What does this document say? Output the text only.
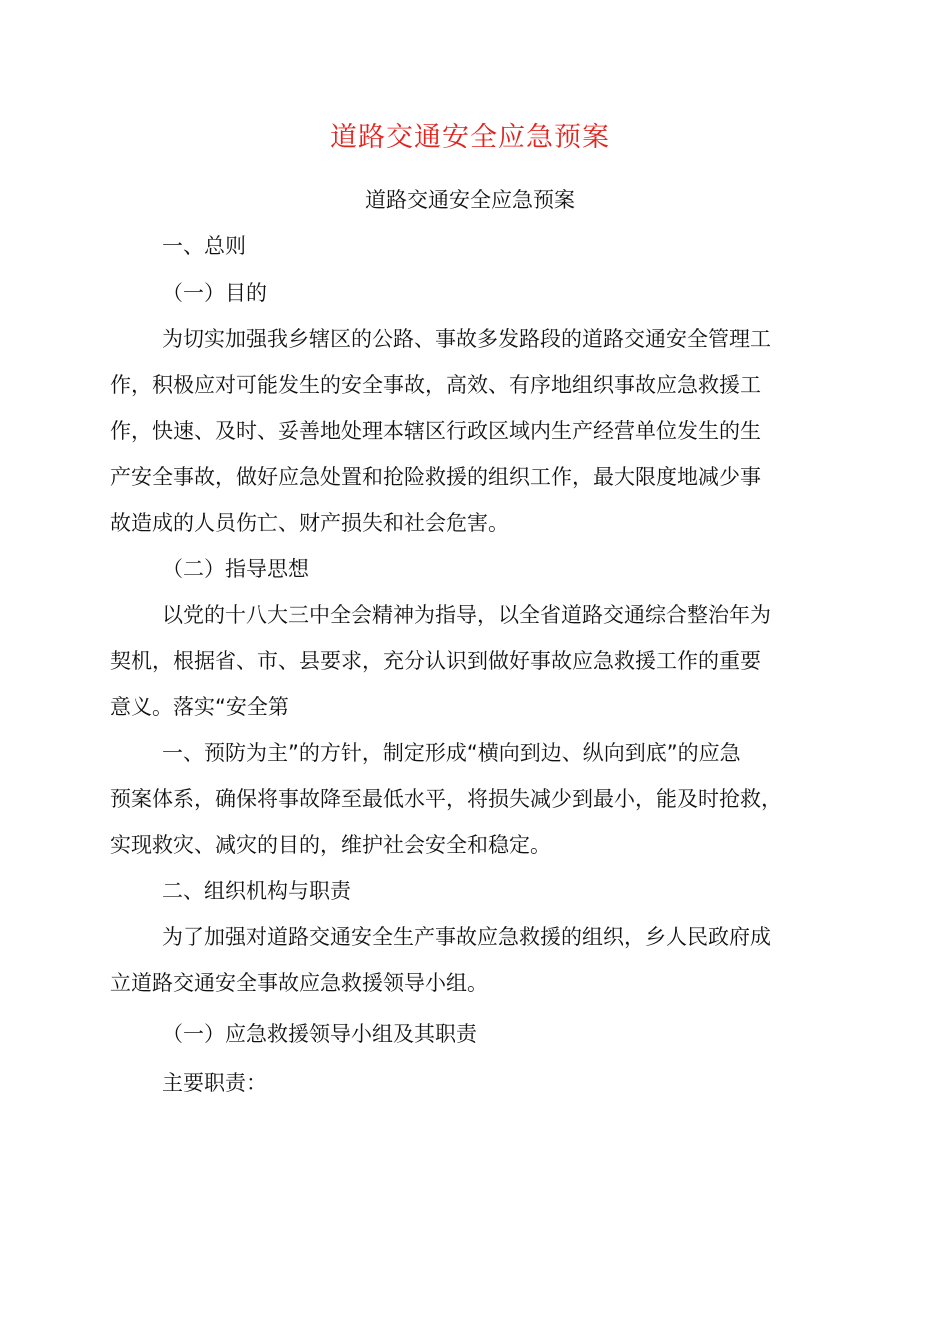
道路交通安全应急预案
道路交通安全应急预案
一、总则
（一）目的
为切实加强我乡辖区的公路、事故多发路段的道路交通安全管理工
作，积极应对可能发生的安全事故，高效、有序地组织事故应急救援工
作，快速、及时、妥善地处理本辖区行政区域内生产经营单位发生的生
产安全事故，做好应急处置和抢险救援的组织工作，最大限度地减少事
故造成的人员伤亡、财产损失和社会危害。
（二）指导思想
以党的十八大三中全会精神为指导，以全省道路交通综合整治年为
契机，根据省、市、县要求，充分认识到做好事故应急救援工作的重要
意义。落实“安全第
一、预防为主”的方针，制定形成“横向到边、纵向到底”的应急
预案体系，确保将事故降至最低水平，将损失减少到最小，能及时抢救，
实现救灾、减灾的目的，维护社会安全和稳定。
二、组织机构与职责
为了加强对道路交通安全生产事故应急救援的组织，乡人民政府成
立道路交通安全事故应急救援领导小组。
（一）应急救援领导小组及其职责
主要职责：
